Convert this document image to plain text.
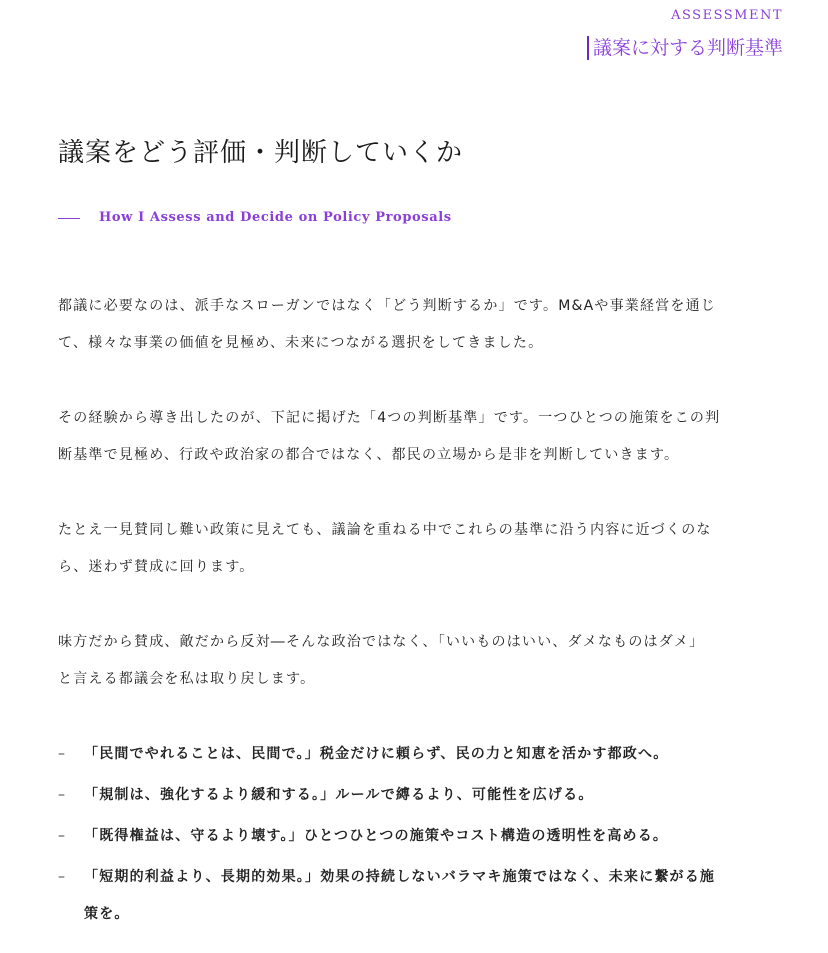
ASSESSMENT
議案に対する判断基準
議案をどう評価・判断していくか
How I Assess and Decide on Policy Proposals

都議に必要なのは、派手なスローガンではなく「どう判断するか」です。M&Aや事業経営を通じ
て、様々な事業の価値を見極め、未来につながる選択をしてきました。

その経験から導き出したのが、下記に掲げた「4つの判断基準」です。一つひとつの施策をこの判
断基準で見極め、行政や政治家の都合ではなく、都民の立場から是非を判断していきます。

たとえ一見賛同し難い政策に見えても、議論を重ねる中でこれらの基準に沿う内容に近づくのな
ら、迷わず賛成に回ります。

味方だから賛成、敵だから反対―そんな政治ではなく、「いいものはいい、ダメなものはダメ」
と言える都議会を私は取り戻します。

–	「民間でやれることは、民間で。」税金だけに頼らず、民の力と知恵を活かす都政へ。
–	「規制は、強化するより緩和する。」ルールで縛るより、可能性を広げる。
–	「既得権益は、守るより壊す。」ひとつひとつの施策やコスト構造の透明性を高める。
–	「短期的利益より、長期的効果。」効果の持続しないバラマキ施策ではなく、未来に繋がる施
策を。
